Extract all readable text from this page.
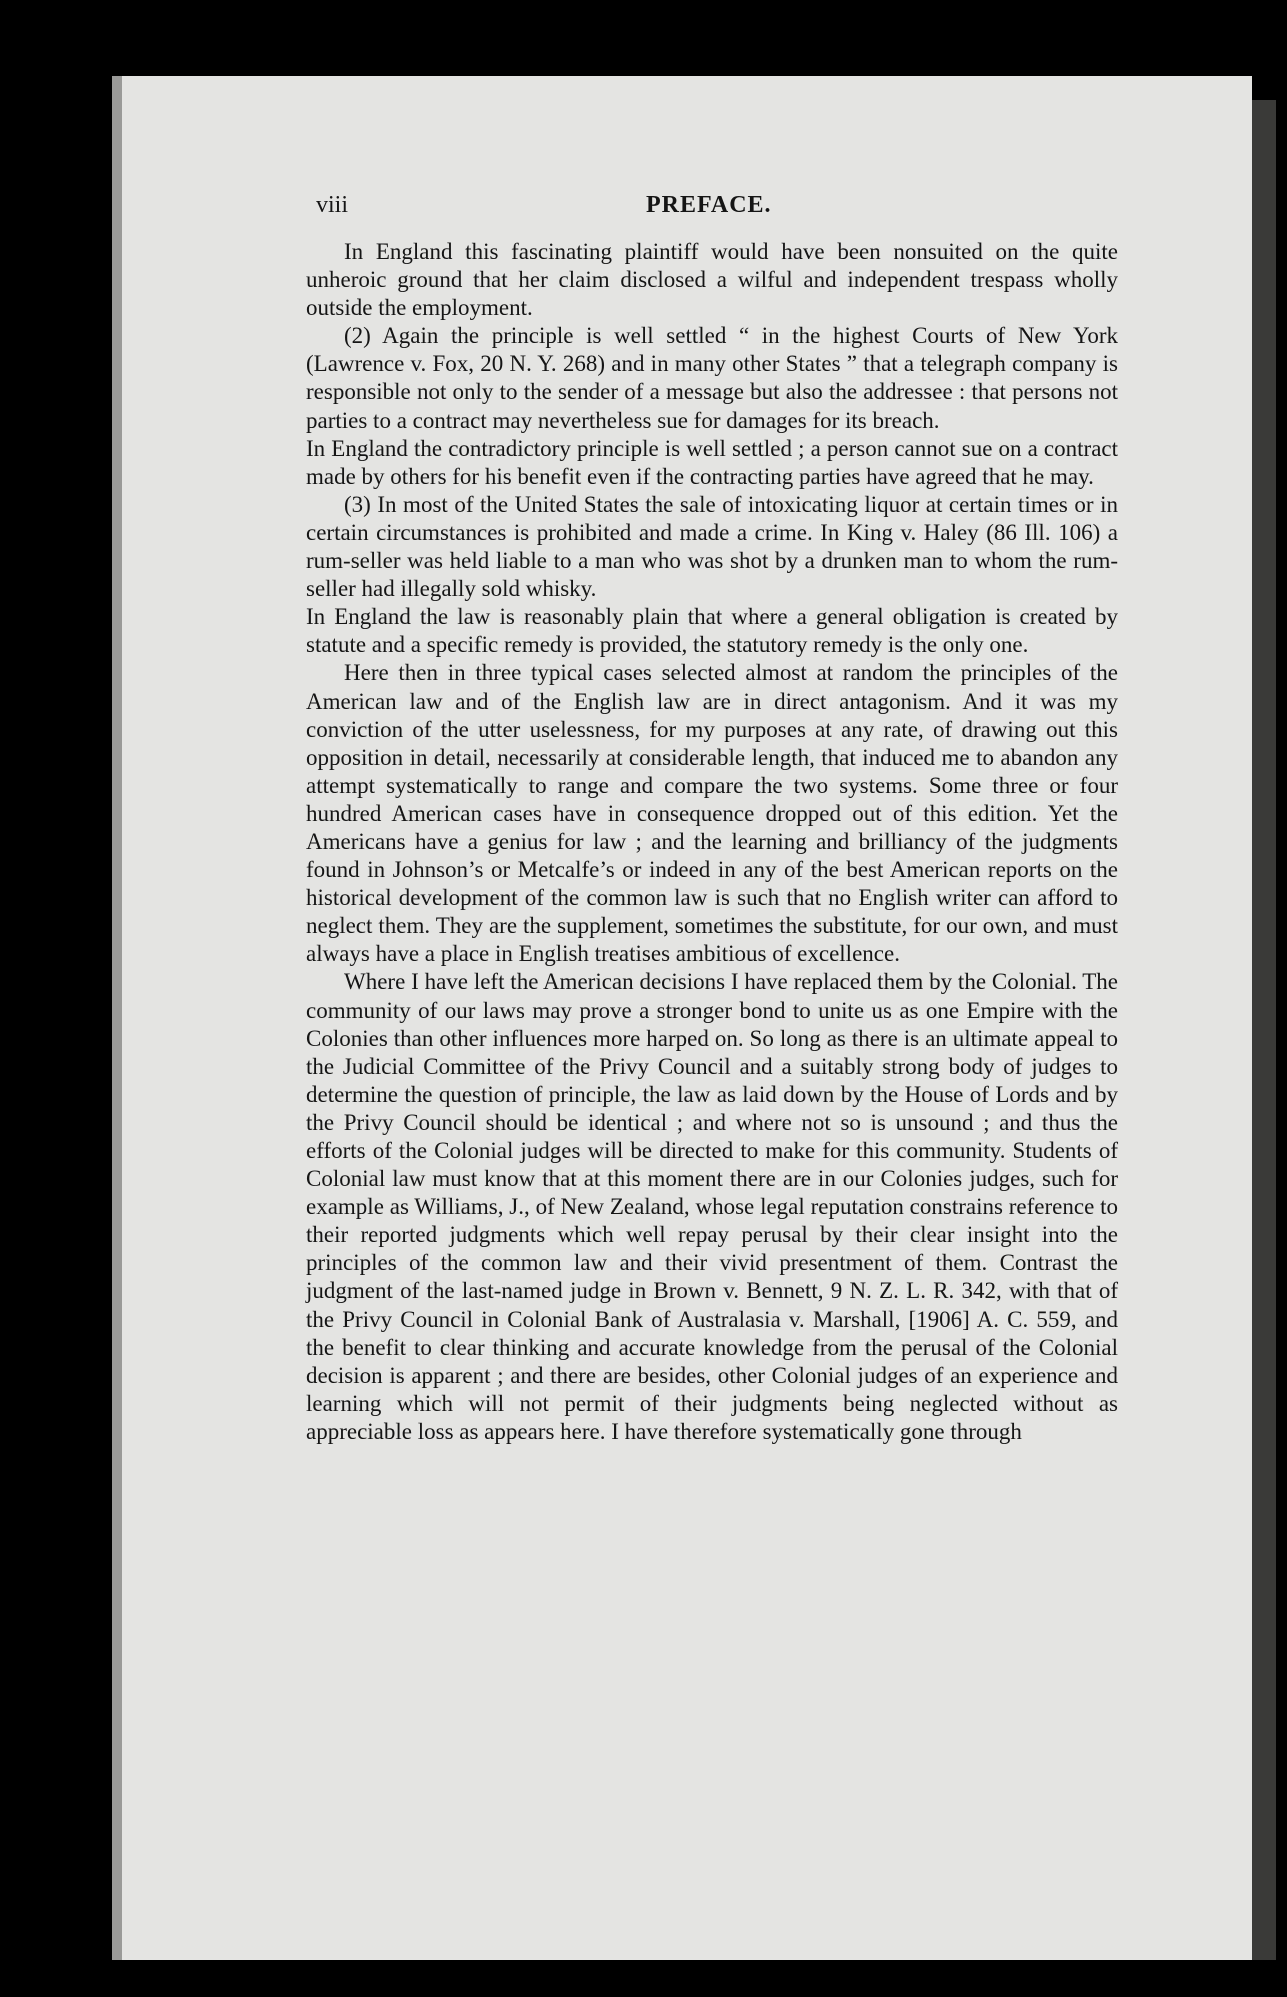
viii	PREFACE.

In England this fascinating plaintiff would have been nonsuited on the quite unheroic ground that her claim disclosed a wilful and independent trespass wholly outside the employment.

(2) Again the principle is well settled “ in the highest Courts of New York (Lawrence v. Fox, 20 N. Y. 268) and in many other States ” that a telegraph company is responsible not only to the sender of a message but also the addressee : that persons not parties to a contract may nevertheless sue for damages for its breach.

In England the contradictory principle is well settled ; a person cannot sue on a contract made by others for his benefit even if the contracting parties have agreed that he may.

(3) In most of the United States the sale of intoxicating liquor at certain times or in certain circumstances is prohibited and made a crime. In King v. Haley (86 Ill. 106) a rum-seller was held liable to a man who was shot by a drunken man to whom the rum-seller had illegally sold whisky.

In England the law is reasonably plain that where a general obligation is created by statute and a specific remedy is provided, the statutory remedy is the only one.

Here then in three typical cases selected almost at random the principles of the American law and of the English law are in direct antagonism. And it was my conviction of the utter uselessness, for my purposes at any rate, of drawing out this opposition in detail, necessarily at considerable length, that induced me to abandon any attempt systematically to range and compare the two systems. Some three or four hundred American cases have in consequence dropped out of this edition. Yet the Americans have a genius for law ; and the learning and brilliancy of the judgments found in Johnson’s or Metcalfe’s or indeed in any of the best American reports on the historical development of the common law is such that no English writer can afford to neglect them. They are the supplement, sometimes the substitute, for our own, and must always have a place in English treatises ambitious of excellence.

Where I have left the American decisions I have replaced them by the Colonial. The community of our laws may prove a stronger bond to unite us as one Empire with the Colonies than other influences more harped on. So long as there is an ultimate appeal to the Judicial Committee of the Privy Council and a suitably strong body of judges to determine the question of principle, the law as laid down by the House of Lords and by the Privy Council should be identical ; and where not so is unsound ; and thus the efforts of the Colonial judges will be directed to make for this community. Students of Colonial law must know that at this moment there are in our Colonies judges, such for example as Williams, J., of New Zealand, whose legal reputation constrains reference to their reported judgments which well repay perusal by their clear insight into the principles of the common law and their vivid presentment of them. Contrast the judgment of the last-named judge in Brown v. Bennett, 9 N. Z. L. R. 342, with that of the Privy Council in Colonial Bank of Australasia v. Marshall, [1906] A. C. 559, and the benefit to clear thinking and accurate knowledge from the perusal of the Colonial decision is apparent ; and there are besides, other Colonial judges of an experience and learning which will not permit of their judgments being neglected without as appreciable loss as appears here. I have therefore systematically gone through
